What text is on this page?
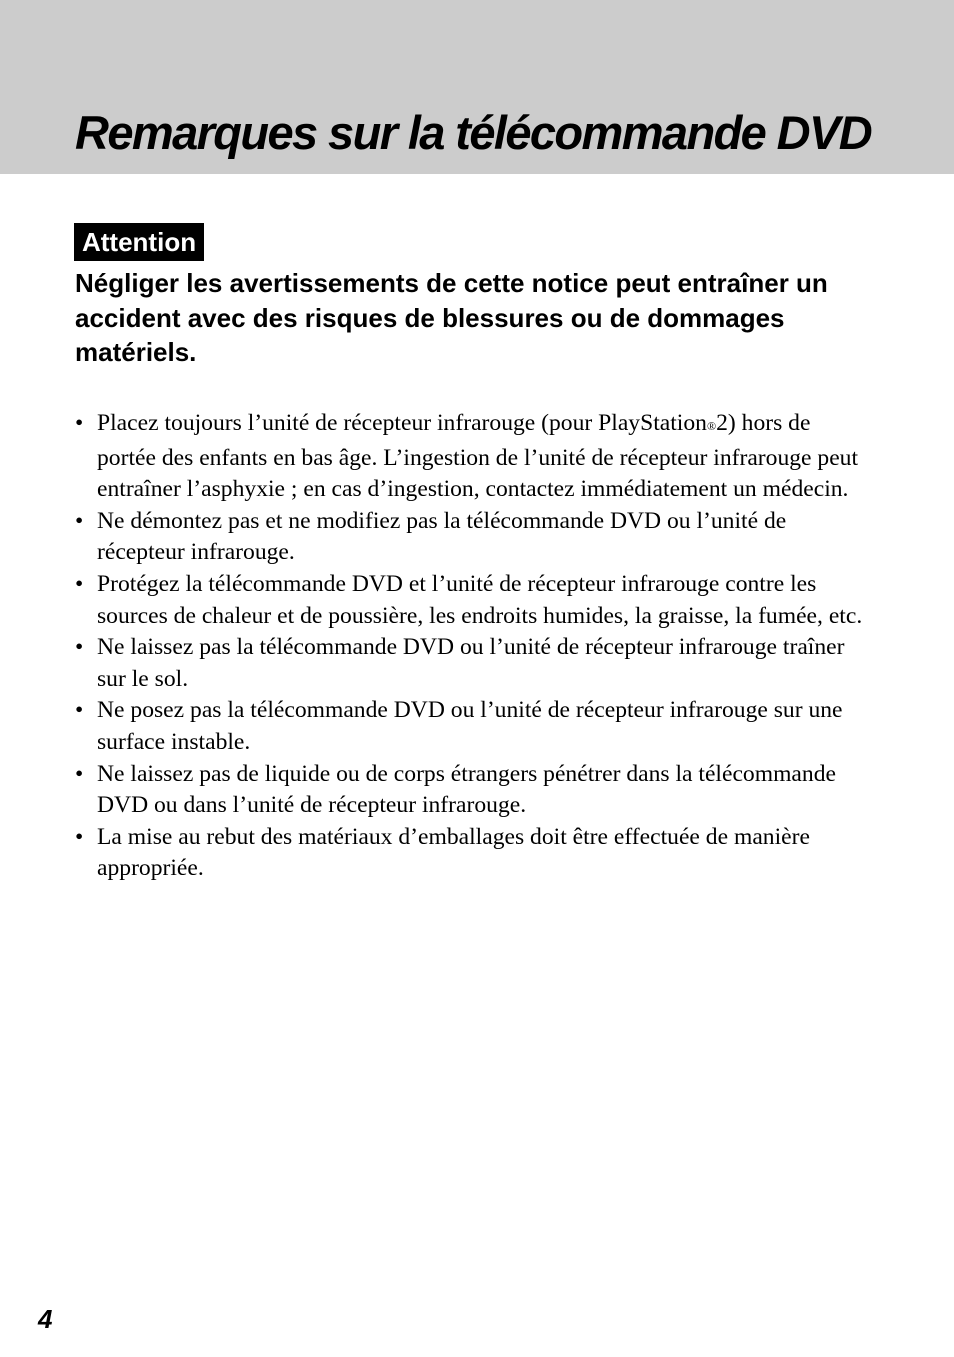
Remarques sur la télécommande DVD
Attention

Négliger les avertissements de cette notice peut entraîner un accident avec des risques de blessures ou de dommages matériels.

• Placez toujours l’unité de récepteur infrarouge (pour PlayStation®2) hors de portée des enfants en bas âge. L’ingestion de l’unité de récepteur infrarouge peut entraîner l’asphyxie ; en cas d’ingestion, contactez immédiatement un médecin.
• Ne démontez pas et ne modifiez pas la télécommande DVD ou l’unité de récepteur infrarouge.
• Protégez la télécommande DVD et l’unité de récepteur infrarouge contre les sources de chaleur et de poussière, les endroits humides, la graisse, la fumée, etc.
• Ne laissez pas la télécommande DVD ou l’unité de récepteur infrarouge traîner sur le sol.
• Ne posez pas la télécommande DVD ou l’unité de récepteur infrarouge sur une surface instable.
• Ne laissez pas de liquide ou de corps étrangers pénétrer dans la télécommande DVD ou dans l’unité de récepteur infrarouge.
• La mise au rebut des matériaux d’emballages doit être effectuée de manière appropriée.
4
